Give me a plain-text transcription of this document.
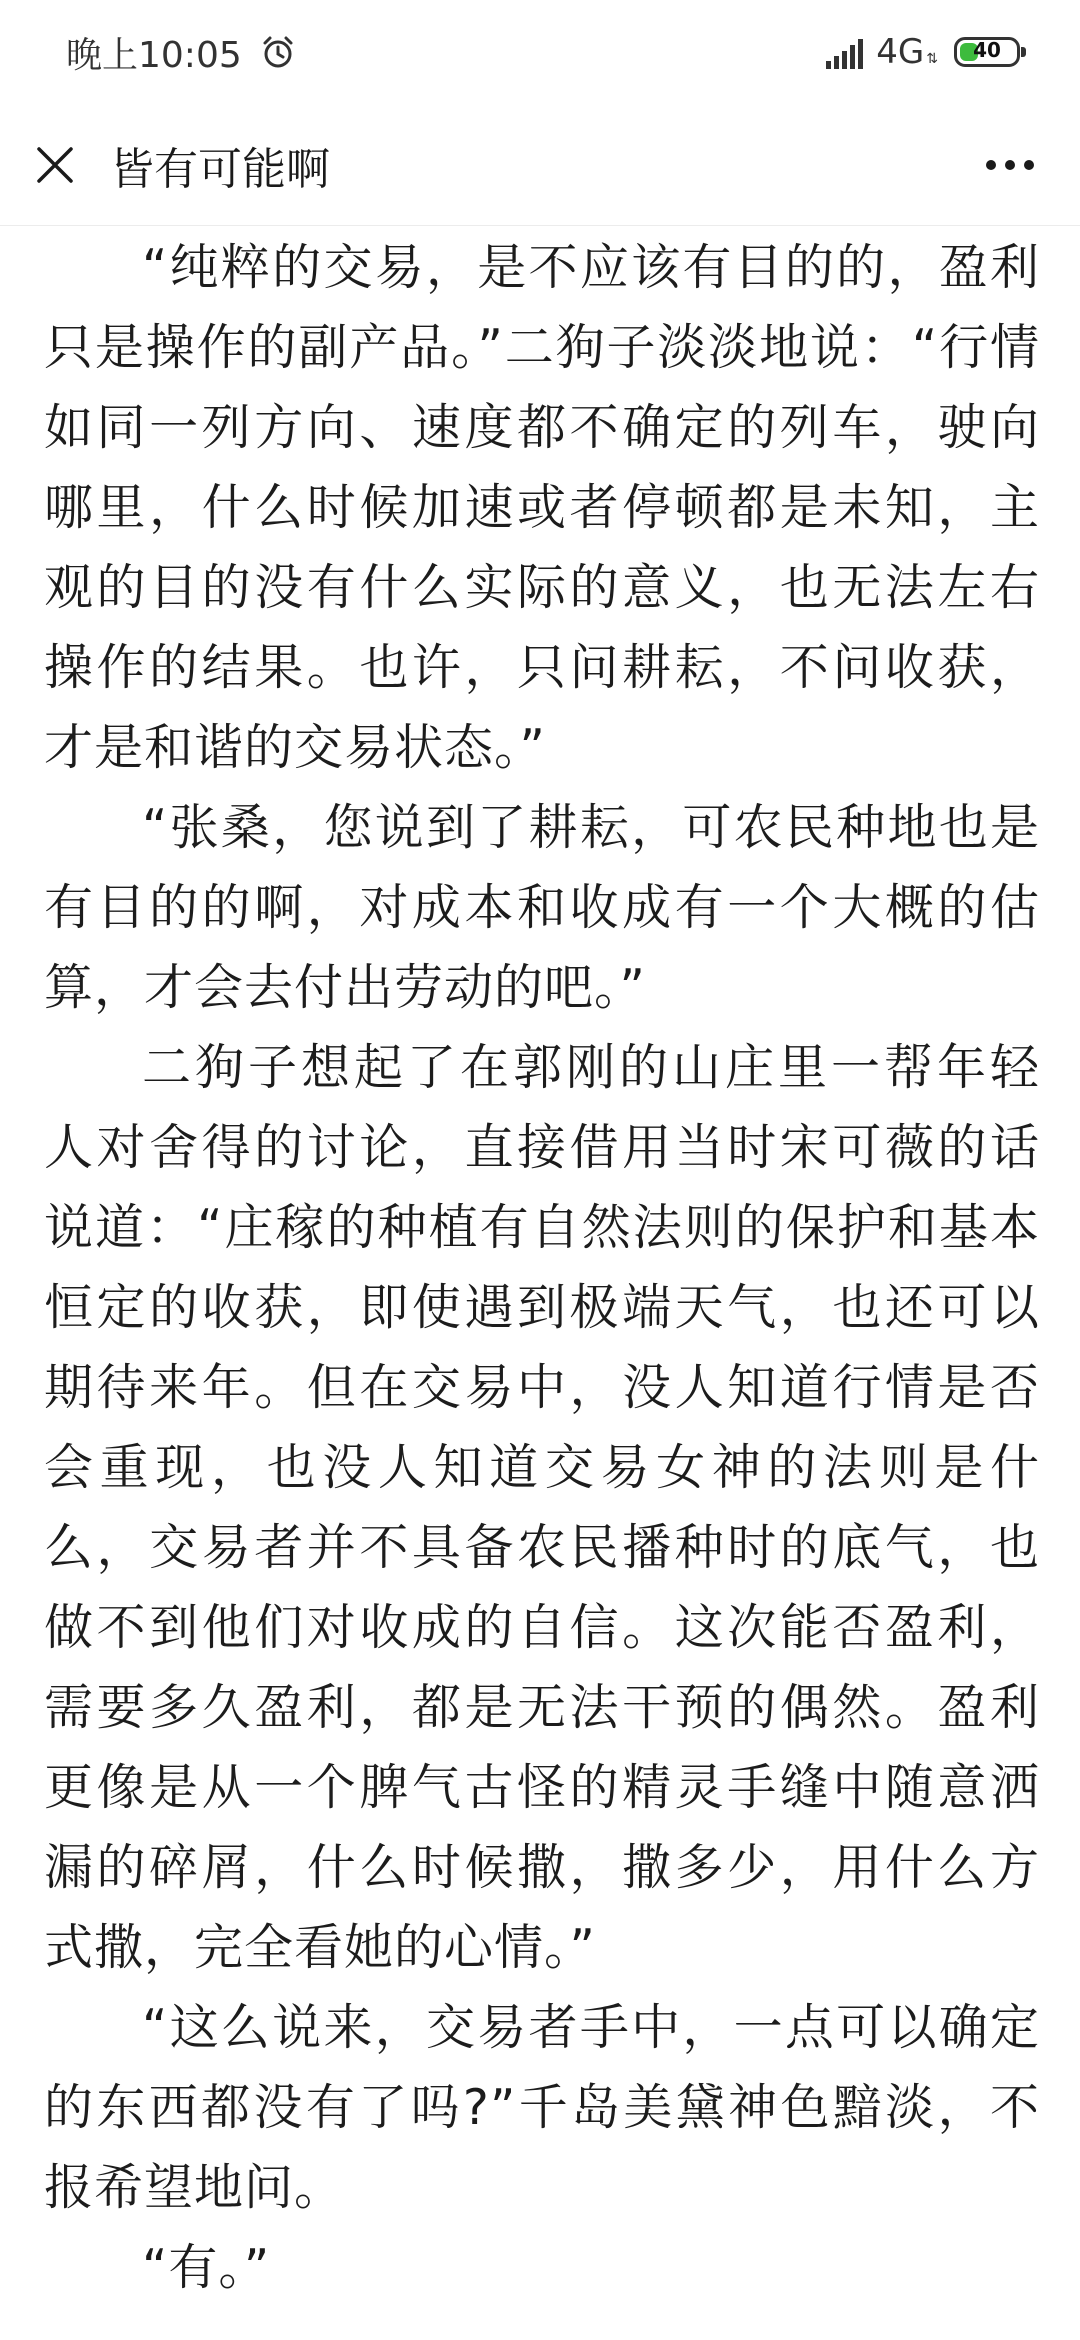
晚上10:05	4G ⇅	40
皆有可能啊

“纯粹的交易，是不应该有目的的，盈利只是操作的副产品。”二狗子淡淡地说：“行情如同一列方向、速度都不确定的列车，驶向哪里，什么时候加速或者停顿都是未知，主观的目的没有什么实际的意义，也无法左右操作的结果。也许，只问耕耘，不问收获，才是和谐的交易状态。”

“张桑，您说到了耕耘，可农民种地也是有目的的啊，对成本和收成有一个大概的估算，才会去付出劳动的吧。”

二狗子想起了在郭刚的山庄里一帮年轻人对舍得的讨论，直接借用当时宋可薇的话说道：“庄稼的种植有自然法则的保护和基本恒定的收获，即使遇到极端天气，也还可以期待来年。但在交易中，没人知道行情是否会重现，也没人知道交易女神的法则是什么，交易者并不具备农民播种时的底气，也做不到他们对收成的自信。这次能否盈利，需要多久盈利，都是无法干预的偶然。盈利更像是从一个脾气古怪的精灵手缝中随意洒漏的碎屑，什么时候撒，撒多少，用什么方式撒，完全看她的心情。”

“这么说来，交易者手中，一点可以确定的东西都没有了吗?”千岛美黛神色黯淡，不报希望地问。

“有。”
